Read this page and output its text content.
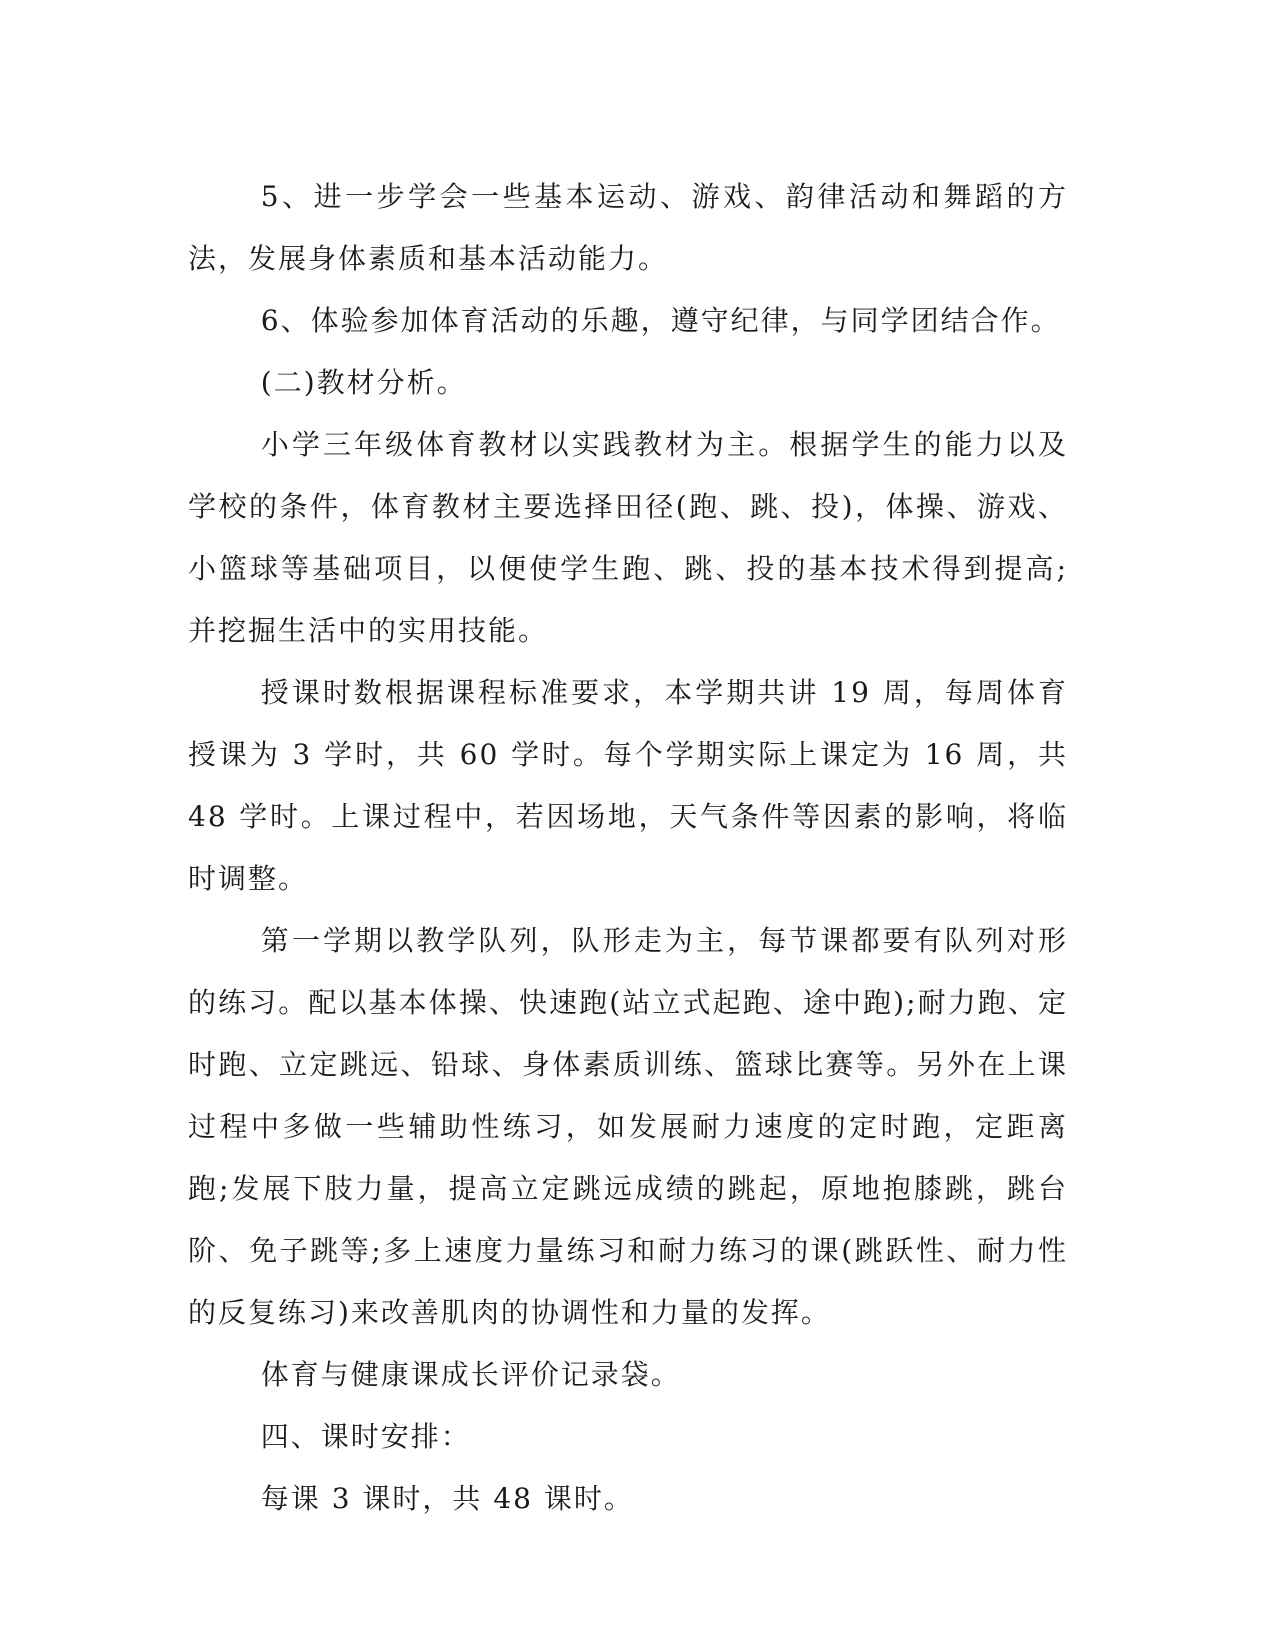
5、进一步学会一些基本运动、游戏、韵律活动和舞蹈的方法，发展身体素质和基本活动能力。

6、体验参加体育活动的乐趣，遵守纪律，与同学团结合作。

(二)教材分析。

小学三年级体育教材以实践教材为主。根据学生的能力以及学校的条件，体育教材主要选择田径(跑、跳、投)，体操、游戏、小篮球等基础项目，以便使学生跑、跳、投的基本技术得到提高;并挖掘生活中的实用技能。

授课时数根据课程标准要求，本学期共讲 19 周，每周体育授课为 3 学时，共 60 学时。每个学期实际上课定为 16 周，共 48 学时。上课过程中，若因场地，天气条件等因素的影响，将临时调整。

第一学期以教学队列，队形走为主，每节课都要有队列对形的练习。配以基本体操、快速跑(站立式起跑、途中跑);耐力跑、定时跑、立定跳远、铅球、身体素质训练、篮球比赛等。另外在上课过程中多做一些辅助性练习，如发展耐力速度的定时跑，定距离跑;发展下肢力量，提高立定跳远成绩的跳起，原地抱膝跳，跳台阶、免子跳等;多上速度力量练习和耐力练习的课(跳跃性、耐力性的反复练习)来改善肌肉的协调性和力量的发挥。

体育与健康课成长评价记录袋。

四、课时安排：

每课 3 课时，共 48 课时。
